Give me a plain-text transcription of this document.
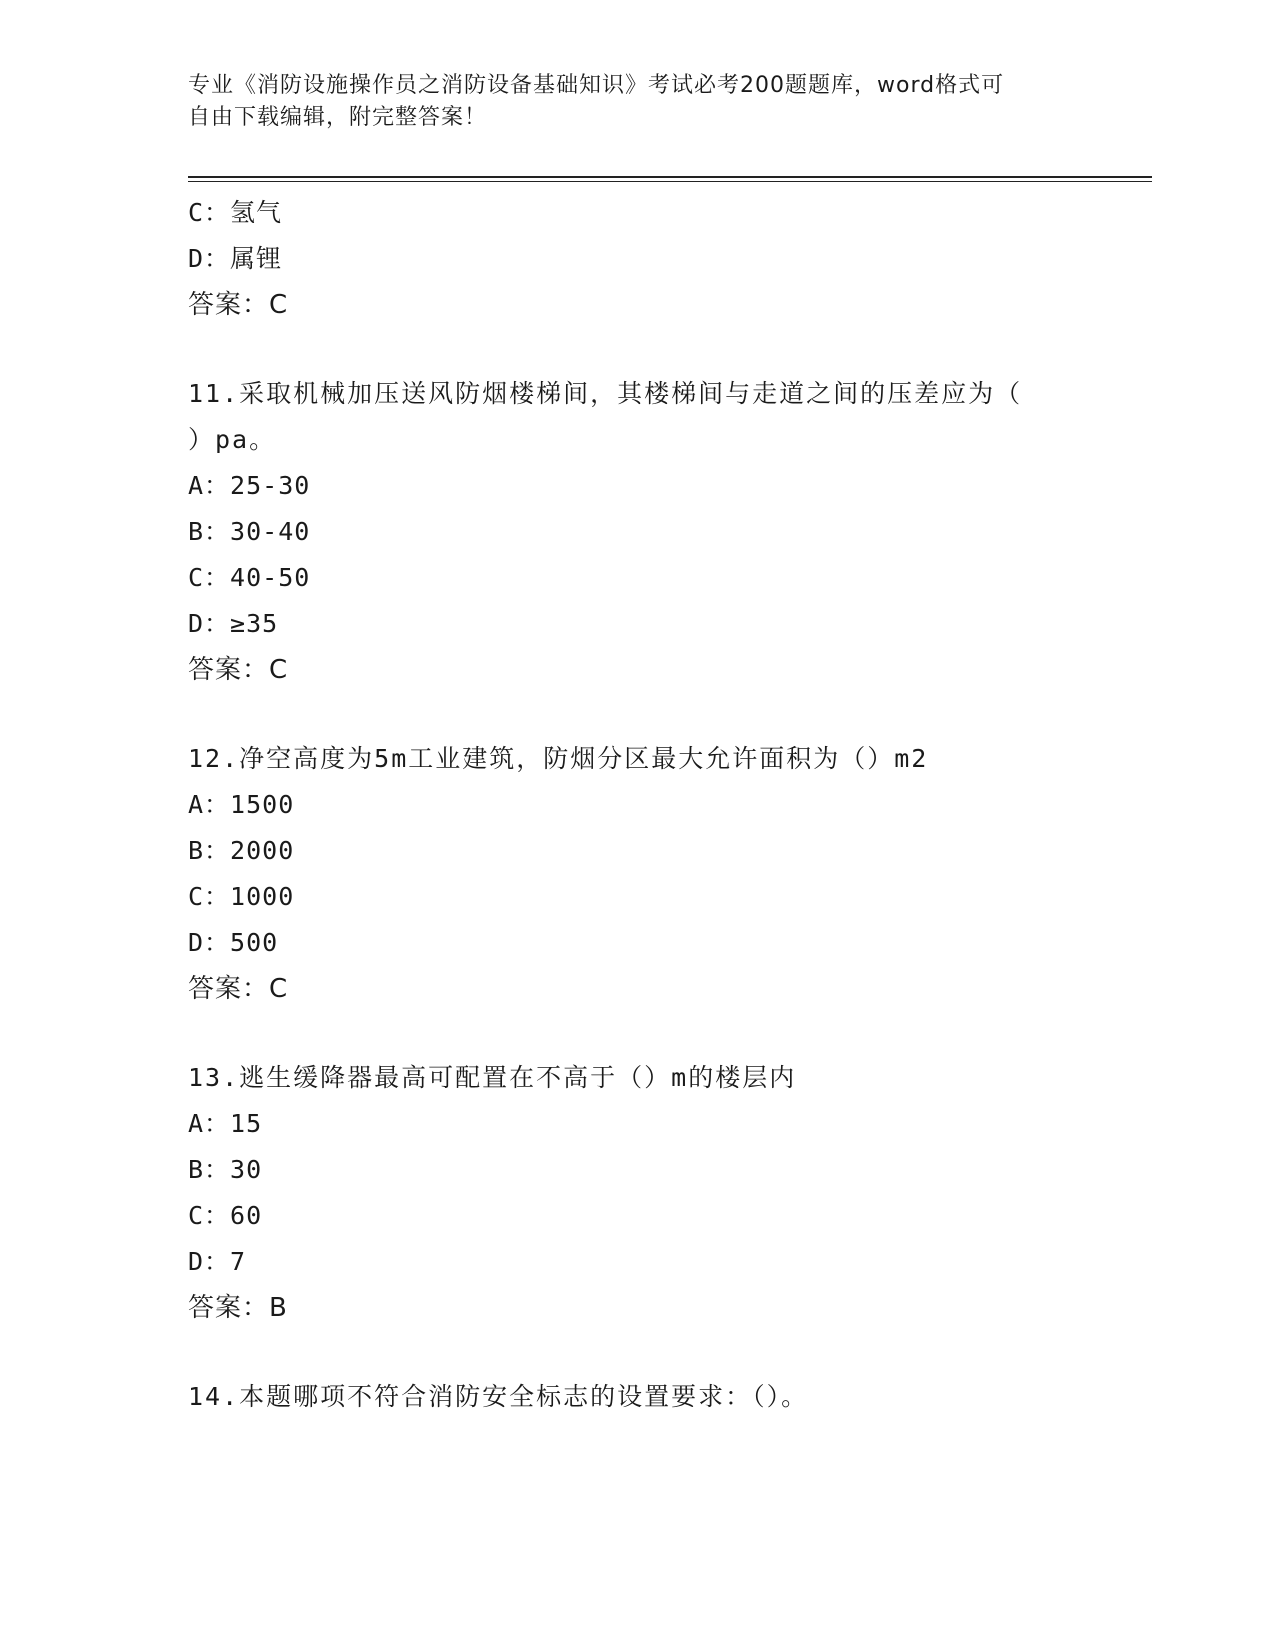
专业《消防设施操作员之消防设备基础知识》考试必考200题题库，word格式可
自由下载编辑，附完整答案！
C：氢气
D：属锂
答案：C
11.采取机械加压送风防烟楼梯间，其楼梯间与走道之间的压差应为（
）pa。
A：25-30
B：30-40
C：40-50
D：≥35
答案：C
12.净空高度为5m工业建筑，防烟分区最大允许面积为（）m2
A：1500
B：2000
C：1000
D：500
答案：C
13.逃生缓降器最高可配置在不高于（）m的楼层内
A：15
B：30
C：60
D：7
答案：B
14.本题哪项不符合消防安全标志的设置要求：（）。
